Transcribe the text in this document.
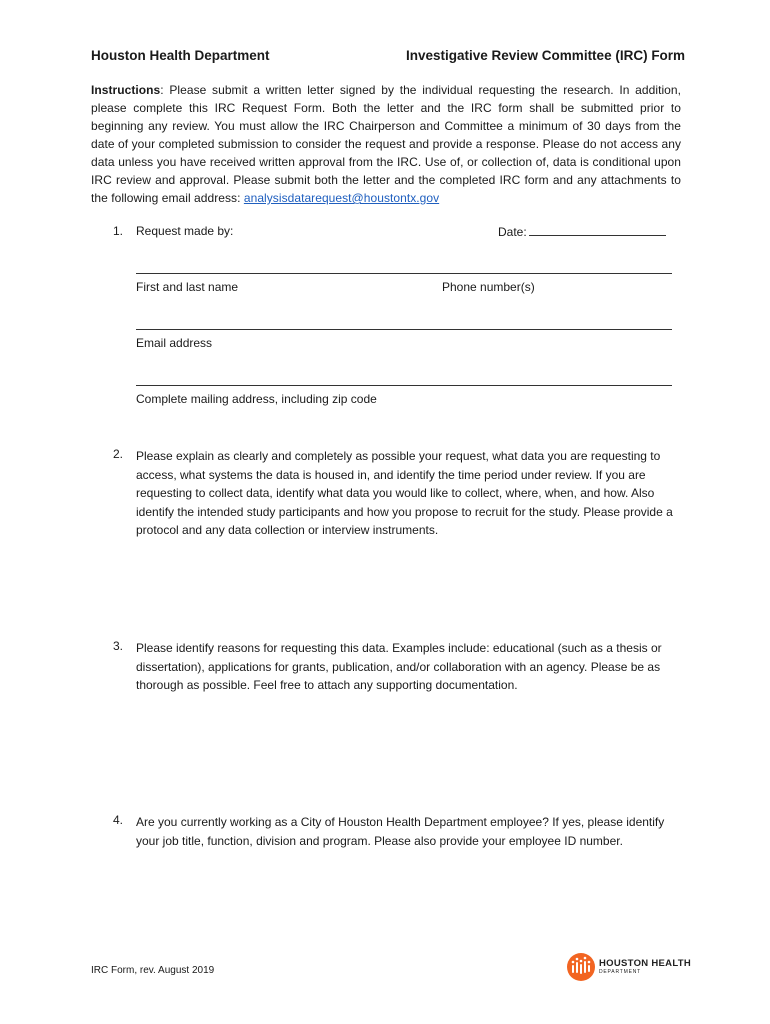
Houston Health Department	Investigative Review Committee (IRC) Form
Instructions: Please submit a written letter signed by the individual requesting the research. In addition, please complete this IRC Request Form. Both the letter and the IRC form shall be submitted prior to beginning any review. You must allow the IRC Chairperson and Committee a minimum of 30 days from the date of your completed submission to consider the request and provide a response. Please do not access any data unless you have received written approval from the IRC. Use of, or collection of, data is conditional upon IRC review and approval. Please submit both the letter and the completed IRC form and any attachments to the following email address: analysisdatarequest@houstontx.gov
1. Request made by:	Date:
First and last name	Phone number(s)
Email address
Complete mailing address, including zip code
2. Please explain as clearly and completely as possible your request, what data you are requesting to access, what systems the data is housed in, and identify the time period under review. If you are requesting to collect data, identify what data you would like to collect, where, when, and how. Also identify the intended study participants and how you propose to recruit for the study. Please provide a protocol and any data collection or interview instruments.
3. Please identify reasons for requesting this data. Examples include: educational (such as a thesis or dissertation), applications for grants, publication, and/or collaboration with an agency. Please be as thorough as possible. Feel free to attach any supporting documentation.
4. Are you currently working as a City of Houston Health Department employee? If yes, please identify your job title, function, division and program. Please also provide your employee ID number.
IRC Form, rev. August 2019
HOUSTON HEALTH
DEPARTMENT
